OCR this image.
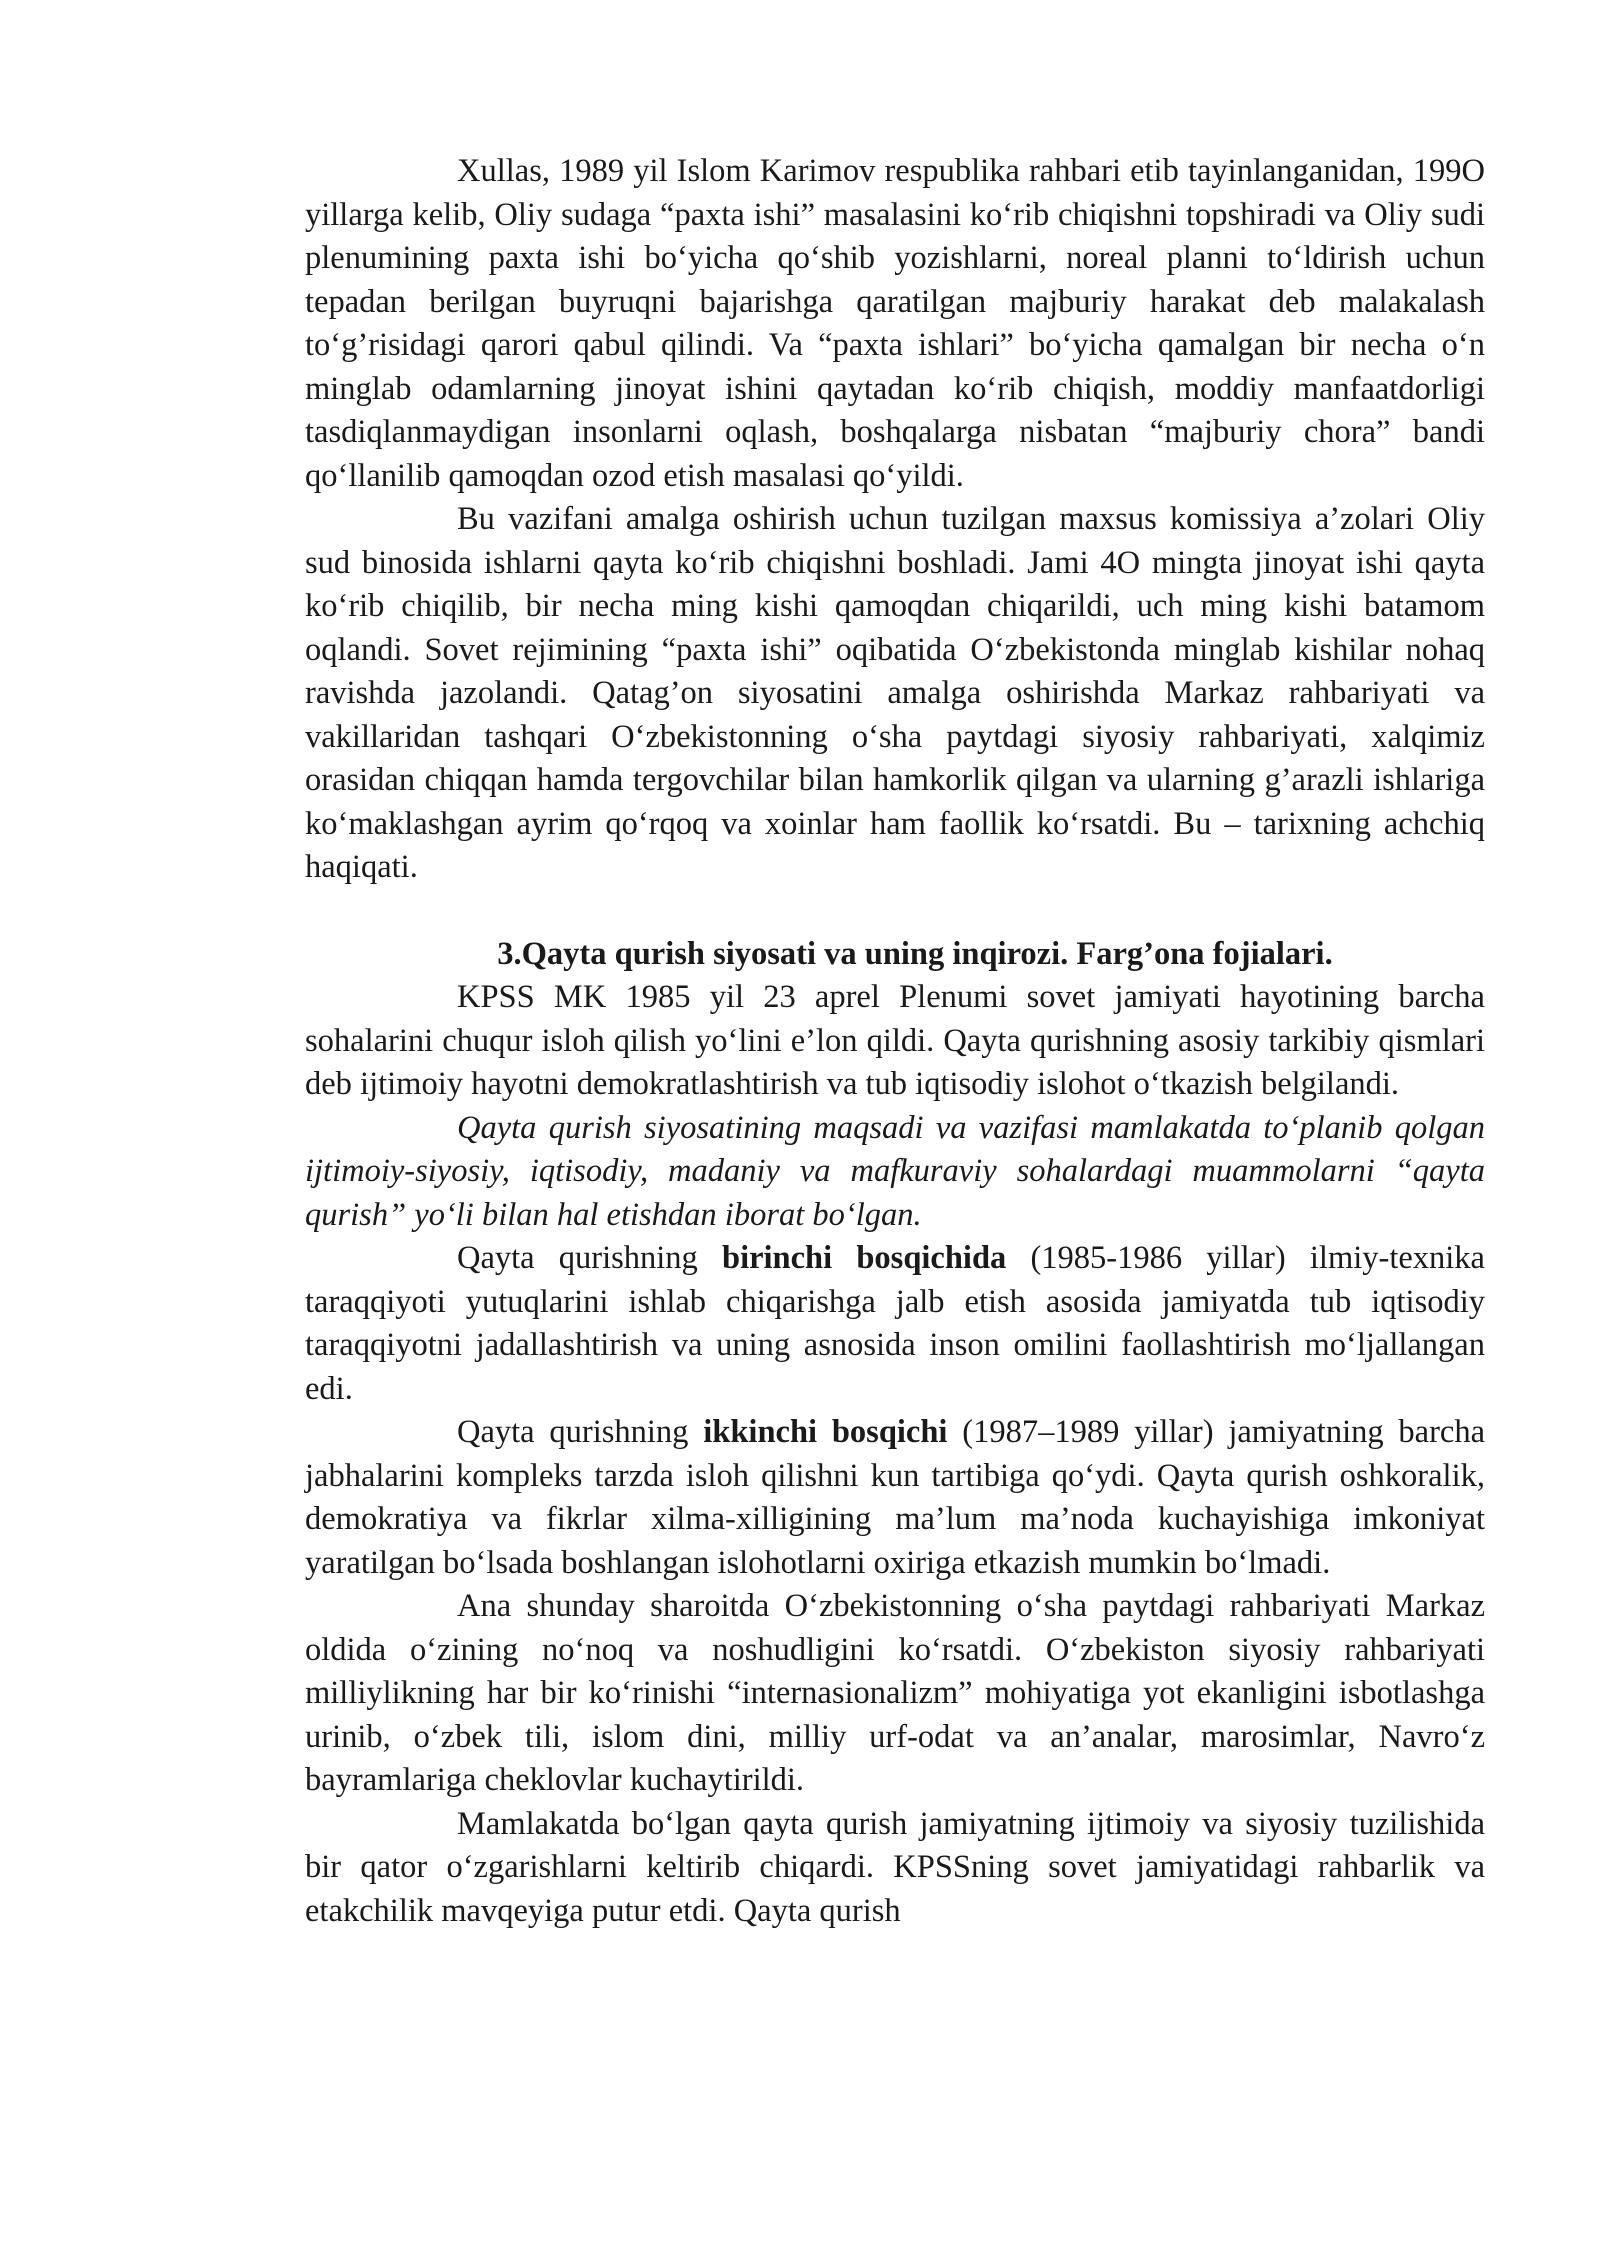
Xullas, 1989 yil Islom Karimov respublika rahbari etib tayinlanganidan, 199O yillarga kelib, Oliy sudaga “paxta ishi” masalasini ko‘rib chiqishni topshiradi va Oliy sudi plenumining paxta ishi bo‘yicha qo‘shib yozishlarni, noreal planni to‘ldirish uchun tepadan berilgan buyruqni bajarishga qaratilgan majburiy harakat deb malakalash to‘g’risidagi qarori qabul qilindi. Va “paxta ishlari” bo‘yicha qamalgan bir necha o‘n minglab odamlarning jinoyat ishini qaytadan ko‘rib chiqish, moddiy manfaatdorligi tasdiqlanmaydigan insonlarni oqlash, boshqalarga nisbatan “majburiy chora” bandi qo‘llanilib qamoqdan ozod etish masalasi qo‘yildi.

Bu vazifani amalga oshirish uchun tuzilgan maxsus komissiya a’zolari Oliy sud binosida ishlarni qayta ko‘rib chiqishni boshladi. Jami 4O mingta jinoyat ishi qayta ko‘rib chiqilib, bir necha ming kishi qamoqdan chiqarildi, uch ming kishi batamom oqlandi. Sovet rejimining “paxta ishi” oqibatida O‘zbekistonda minglab kishilar nohaq ravishda jazolandi. Qatag’on siyosatini amalga oshirishda Markaz rahbariyati va vakillaridan tashqari O‘zbekistonning o‘sha paytdagi siyosiy rahbariyati, xalqimiz orasidan chiqqan hamda tergovchilar bilan hamkorlik qilgan va ularning g’arazli ishlariga ko‘maklashgan ayrim qo‘rqoq va xoinlar ham faollik ko‘rsatdi. Bu – tarixning achchiq haqiqati.

3.Qayta qurish siyosati va uning inqirozi. Farg’ona fojialari.

KPSS MK 1985 yil 23 aprel Plenumi sovet jamiyati hayotining barcha sohalarini chuqur isloh qilish yo‘lini e’lon qildi. Qayta qurishning asosiy tarkibiy qismlari deb ijtimoiy hayotni demokratlashtirish va tub iqtisodiy islohot o‘tkazish belgilandi.

Qayta qurish siyosatining maqsadi va vazifasi mamlakatda to‘planib qolgan ijtimoiy-siyosiy, iqtisodiy, madaniy va mafkuraviy sohalardagi muammolarni “qayta qurish” yo‘li bilan hal etishdan iborat bo‘lgan.

Qayta qurishning birinchi bosqichida (1985-1986 yillar) ilmiy-texnika taraqqiyoti yutuqlarini ishlab chiqarishga jalb etish asosida jamiyatda tub iqtisodiy taraqqiyotni jadallashtirish va uning asnosida inson omilini faollashtirish mo‘ljallangan edi.

Qayta qurishning ikkinchi bosqichi (1987–1989 yillar) jamiyatning barcha jabhalarini kompleks tarzda isloh qilishni kun tartibiga qo‘ydi. Qayta qurish oshkoralik, demokratiya va fikrlar xilma-xilligining ma’lum ma’noda kuchayishiga imkoniyat yaratilgan bo‘lsada boshlangan islohotlarni oxiriga etkazish mumkin bo‘lmadi.

Ana shunday sharoitda O‘zbekistonning o‘sha paytdagi rahbariyati Markaz oldida o‘zining no‘noq va noshudligini ko‘rsatdi. O‘zbekiston siyosiy rahbariyati milliylikning har bir ko‘rinishi “internasionalizm” mohiyatiga yot ekanligini isbotlashga urinib, o‘zbek tili, islom dini, milliy urf-odat va an’analar, marosimlar, Navro‘z bayramlariga cheklovlar kuchaytirildi.

Mamlakatda bo‘lgan qayta qurish jamiyatning ijtimoiy va siyosiy tuzilishida bir qator o‘zgarishlarni keltirib chiqardi. KPSSning sovet jamiyatidagi rahbarlik va etakchilik mavqeyiga putur etdi. Qayta qurish
